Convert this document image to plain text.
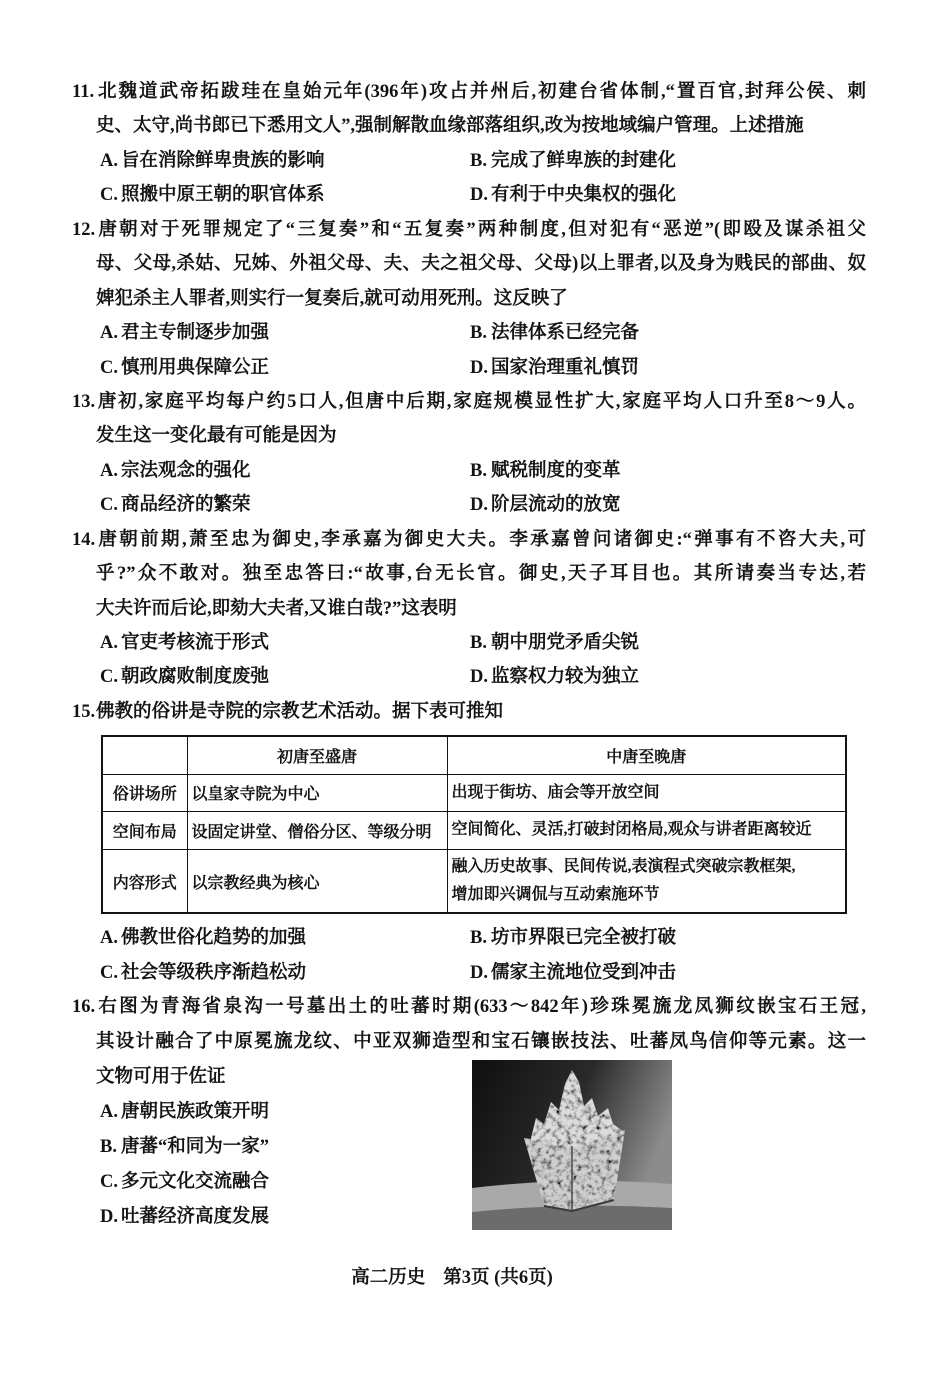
11. 北魏道武帝拓跋珪在皇始元年(396年)攻占并州后,初建台省体制,“置百官,封拜公侯、刺
史、太守,尚书郎已下悉用文人”,强制解散血缘部落组织,改为按地域编户管理。上述措施
A. 旨在消除鲜卑贵族的影响	B. 完成了鲜卑族的封建化
C. 照搬中原王朝的职官体系	D. 有利于中央集权的强化
12.唐朝对于死罪规定了“三复奏”和“五复奏”两种制度,但对犯有“恶逆”(即殴及谋杀祖父
母、父母,杀姑、兄姊、外祖父母、夫、夫之祖父母、父母)以上罪者,以及身为贱民的部曲、奴
婢犯杀主人罪者,则实行一复奏后,就可动用死刑。这反映了
A. 君主专制逐步加强	B. 法律体系已经完备
C. 慎刑用典保障公正	D. 国家治理重礼慎罚
13.唐初,家庭平均每户约5口人,但唐中后期,家庭规模显性扩大,家庭平均人口升至8～9人。
发生这一变化最有可能是因为
A. 宗法观念的强化	B. 赋税制度的变革
C. 商品经济的繁荣	D. 阶层流动的放宽
14.唐朝前期,萧至忠为御史,李承嘉为御史大夫。李承嘉曾问诸御史:“弹事有不咨大夫,可
乎?”众不敢对。独至忠答曰:“故事,台无长官。御史,天子耳目也。其所请奏当专达,若
大夫许而后论,即劾大夫者,又谁白哉?”这表明
A. 官吏考核流于形式	B. 朝中朋党矛盾尖锐
C. 朝政腐败制度废弛	D. 监察权力较为独立
15.佛教的俗讲是寺院的宗教艺术活动。据下表可推知
	初唐至盛唐	中唐至晚唐
俗讲场所	以皇家寺院为中心	出现于街坊、庙会等开放空间

空间布局	设固定讲堂、僧俗分区、等级分明	空间简化、灵活,打破封闭格局,观众与讲者距离较近

内容形式	以宗教经典为核心	融入历史故事、民间传说,表演程式突破宗教框架,
增加即兴调侃与互动索施环节
A. 佛教世俗化趋势的加强	B. 坊市界限已完全被打破
C. 社会等级秩序渐趋松动	D. 儒家主流地位受到冲击
16.右图为青海省泉沟一号墓出土的吐蕃时期(633～842年)珍珠冕旒龙凤狮纹嵌宝石王冠,
其设计融合了中原冕旒龙纹、中亚双狮造型和宝石镶嵌技法、吐蕃凤鸟信仰等元素。这一
文物可用于佐证
A. 唐朝民族政策开明
B. 唐蕃“和同为一家”
C. 多元文化交流融合
D. 吐蕃经济高度发展
高二历史 第3页 (共6页)
